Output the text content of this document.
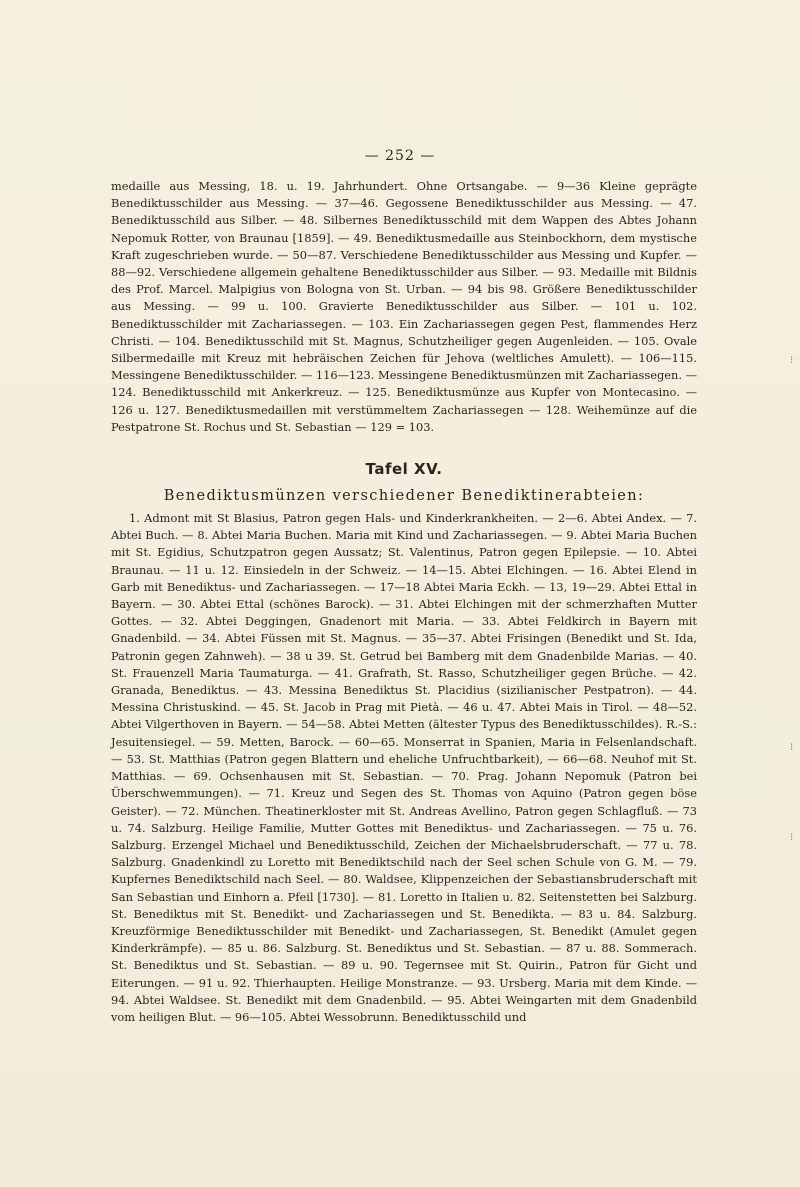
— 252 —

medaille aus Messing, 18. u. 19. Jahrhundert. Ohne Ortsangabe. — 9—36 Kleine geprägte Benediktusschilder aus Messing. — 37—46. Gegossene Benediktusschilder aus Messing. — 47. Benediktusschild aus Silber. — 48. Silbernes Benediktusschild mit dem Wappen des Abtes Johann Nepomuk Rotter, von Braunau [1859]. — 49. Benediktusmedaille aus Steinbockhorn, dem mystische Kraft zugeschrieben wurde. — 50—87. Verschiedene Benediktusschilder aus Messing und Kupfer. — 88—92. Verschiedene allgemein gehaltene Benediktusschilder aus Silber. — 93. Medaille mit Bildnis des Prof. Marcel. Malpigius von Bologna von St. Urban. — 94 bis 98. Größere Benediktusschilder aus Messing. — 99 u. 100. Gravierte Benediktusschilder aus Silber. — 101 u. 102. Benediktusschilder mit Zachariassegen. — 103. Ein Zachariassegen gegen Pest, flammendes Herz Christi. — 104. Benediktusschild mit St. Magnus, Schutzheiliger gegen Augenleiden. — 105. Ovale Silbermedaille mit Kreuz mit hebräischen Zeichen für Jehova (weltliches Amulett). — 106—115. Messingene Benediktusschilder. — 116—123. Messingene Benediktusmünzen mit Zachariassegen. — 124. Benediktusschild mit Ankerkreuz. — 125. Benediktusmünze aus Kupfer von Montecasino. — 126 u. 127. Benediktusmedaillen mit verstümmeltem Zachariassegen — 128. Weihemünze auf die Pestpatrone St. Rochus und St. Sebastian — 129 = 103.

Tafel XV.
Benediktusmünzen verschiedener Benediktinerabteien:

1. Admont mit St Blasius, Patron gegen Hals- und Kinderkrankheiten. — 2—6. Abtei Andex. — 7. Abtei Buch. — 8. Abtei Maria Buchen. Maria mit Kind und Zachariassegen. — 9. Abtei Maria Buchen mit St. Egidius, Schutzpatron gegen Aussatz; St. Valentinus, Patron gegen Epilepsie. — 10. Abtei Braunau. — 11 u. 12. Einsiedeln in der Schweiz. — 14—15. Abtei Elchingen. — 16. Abtei Elend in Garb mit Benediktus- und Zachariassegen. — 17—18 Abtei Maria Eckh. — 13, 19—29. Abtei Ettal in Bayern. — 30. Abtei Ettal (schönes Barock). — 31. Abtei Elchingen mit der schmerzhaften Mutter Gottes. — 32. Abtei Deggingen, Gnadenort mit Maria. — 33. Abtei Feldkirch in Bayern mit Gnadenbild. — 34. Abtei Füssen mit St. Magnus. — 35—37. Abtei Frisingen (Benedikt und St. Ida, Patronin gegen Zahnweh). — 38 u 39. St. Getrud bei Bamberg mit dem Gnadenbilde Marias. — 40. St. Frauenzell Maria Taumaturga. — 41. Grafrath, St. Rasso, Schutzheiliger gegen Brüche. — 42. Granada, Benediktus. — 43. Messina Benediktus St. Placidius (sizilianischer Pestpatron). — 44. Messina Christuskind. — 45. St. Jacob in Prag mit Pietà. — 46 u. 47. Abtei Mais in Tirol. — 48—52. Abtei Vilgerthoven in Bayern. — 54—58. Abtei Metten (ältester Typus des Benediktusschildes). R.-S.: Jesuitensiegel. — 59. Metten, Barock. — 60—65. Monserrat in Spanien, Maria in Felsenlandschaft. — 53. St. Matthias (Patron gegen Blattern und eheliche Unfruchtbarkeit), — 66—68. Neuhof mit St. Matthias. — 69. Ochsenhausen mit St. Sebastian. — 70. Prag. Johann Nepomuk (Patron bei Überschwemmungen). — 71. Kreuz und Segen des St. Thomas von Aquino (Patron gegen böse Geister). — 72. München. Theatinerkloster mit St. Andreas Avellino, Patron gegen Schlagfluß. — 73 u. 74. Salzburg. Heilige Familie, Mutter Gottes mit Benediktus- und Zachariassegen. — 75 u. 76. Salzburg. Erzengel Michael und Benediktusschild, Zeichen der Michaelsbruderschaft. — 77 u. 78. Salzburg. Gnadenkindl zu Loretto mit Benediktschild nach der Seel schen Schule von G. M. — 79. Kupfernes Benediktschild nach Seel. — 80. Waldsee, Klippenzeichen der Sebastiansbruderschaft mit San Sebastian und Einhorn a. Pfeil [1730]. — 81. Loretto in Italien u. 82. Seitenstetten bei Salzburg. St. Benediktus mit St. Benedikt- und Zachariassegen und St. Benedikta. — 83 u. 84. Salzburg. Kreuzförmige Benediktusschilder mit Benedikt- und Zachariassegen, St. Benedikt (Amulet gegen Kinderkrämpfe). — 85 u. 86. Salzburg. St. Benediktus und St. Sebastian. — 87 u. 88. Sommerach. St. Benediktus und St. Sebastian. — 89 u. 90. Tegernsee mit St. Quirin., Patron für Gicht und Eiterungen. — 91 u. 92. Thierhaupten. Heilige Monstranze. — 93. Ursberg. Maria mit dem Kinde. — 94. Abtei Waldsee. St. Benedikt mit dem Gnadenbild. — 95. Abtei Weingarten mit dem Gnadenbild vom heiligen Blut. — 96—105. Abtei Wessobrunn. Benediktusschild und

⁝
⁝
⁝
